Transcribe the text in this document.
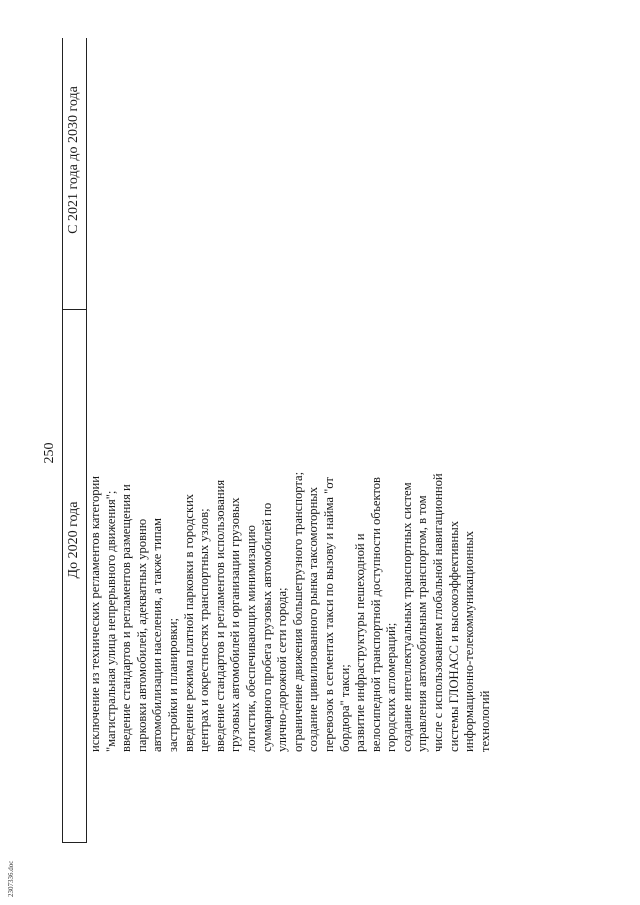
250
До 2020 года
С 2021 года до 2030 года
исключение из технических регламентов категории "магистральная улица непрерывного движения"; введение стандартов и регламентов размещения и парковки автомобилей, адекватных уровню автомобилизации населения, а также типам застройки и планировки; введение режима платной парковки в городских центрах и окрестностях транспортных узлов; введение стандартов и регламентов использования грузовых автомобилей и организации грузовых логистик, обеспечивающих минимизацию суммарного пробега грузовых автомобилей по улично-дорожной сети города; ограничение движения большегрузного транспорта; создание цивилизованного рынка таксомоторных перевозок в сегментах такси по вызову и найма "от бордюра" такси; развитие инфраструктуры пешеходной и велосипедной транспортной доступности объектов городских агломераций; создание интеллектуальных транспортных систем управления автомобильным транспортом, в том числе с использованием глобальной навигационной системы ГЛОНАСС и высокоэффективных информационно-телекоммуникационных технологий
2307336.doc
